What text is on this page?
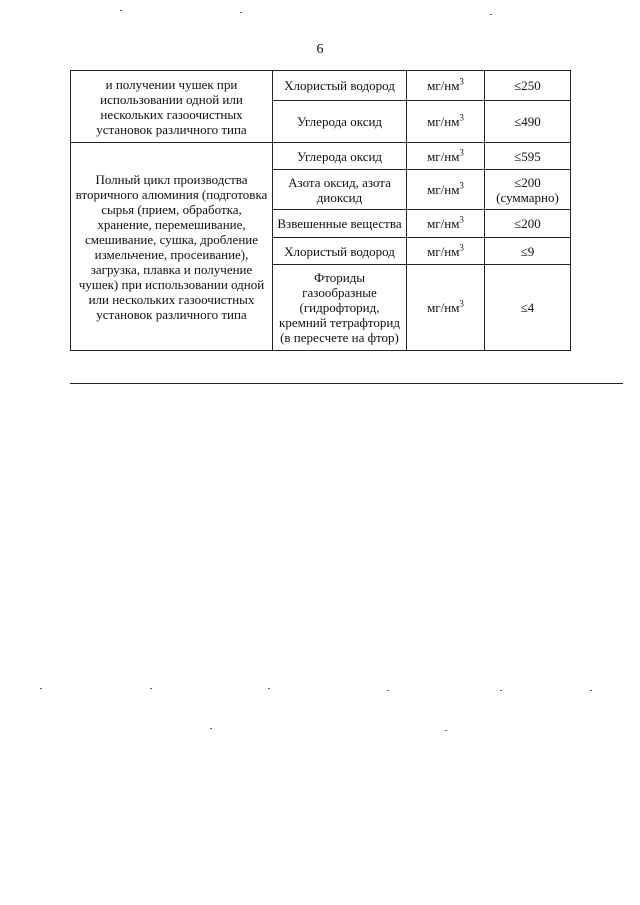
6
и получении чушек при использовании одной или нескольких газоочистных установок различного типа	Хлористый водород	$мг/нм^3$	≤250
	Углерода оксид	$мг/нм^3$	≤490
Полный цикл производства вторичного алюминия (подготовка сырья (прием, обработка, хранение, перемешивание, смешивание, сушка, дробление измельчение, просеивание), загрузка, плавка и получение чушек) при использовании одной или нескольких газоочистных установок различного типа	Углерода оксид	$мг/нм^3$	≤595
	Азота оксид, азота диоксид	$мг/нм^3$	≤200 (суммарно)
	Взвешенные вещества	$мг/нм^3$	≤200
	Хлористый водород	$мг/нм^3$	≤9
	Фториды газообразные (гидрофторид, кремний тетрафторид (в пересчете на фтор)	$мг/нм^3$	≤4
